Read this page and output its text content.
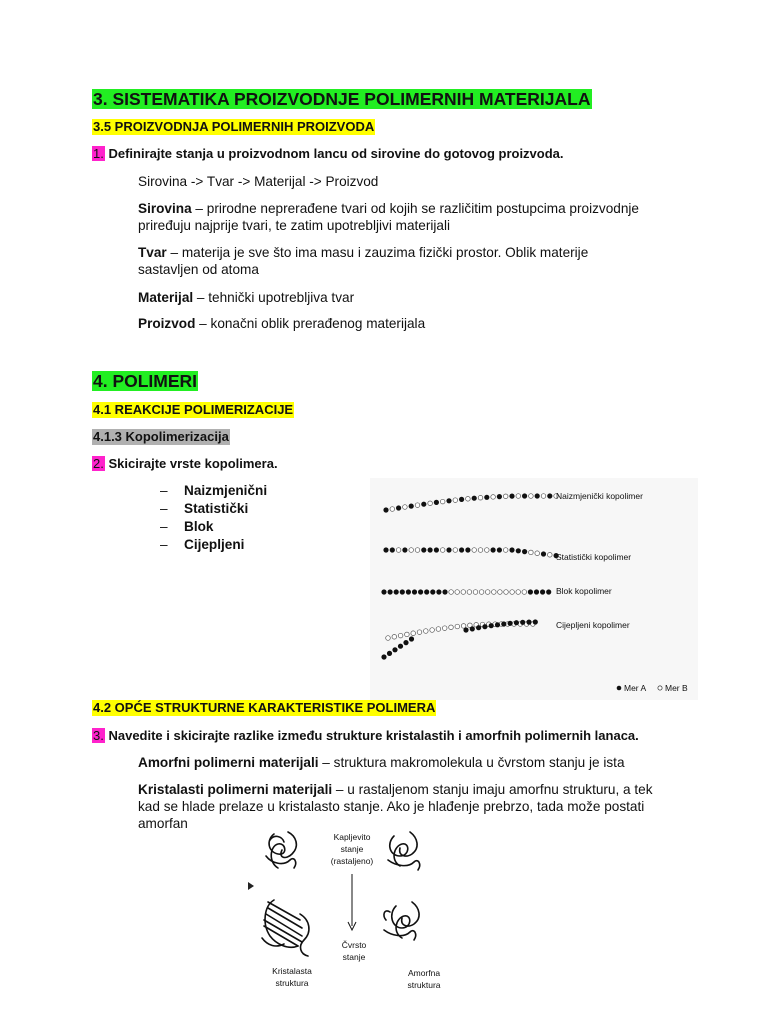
3. SISTEMATIKA PROIZVODNJE POLIMERNIH MATERIJALA
3.5 PROIZVODNJA POLIMERNIH PROIZVODA
1. Definirajte stanja u proizvodnom lancu od sirovine do gotovog proizvoda.
Sirovina -> Tvar -> Materijal -> Proizvod
Sirovina – prirodne neprerađene tvari od kojih se različitim postupcima proizvodnje
priređuju najprije tvari, te zatim upotrebljivi materijali
Tvar – materija je sve što ima masu i zauzima fizički prostor. Oblik materije
sastavljen od atoma
Materijal – tehnički upotrebljiva tvar
Proizvod – konačni oblik prerađenog materijala
4. POLIMERI
4.1 REAKCIJE POLIMERIZACIJE
4.1.3 Kopolimerizacija
2. Skicirajte vrste kopolimera.
– Naizmjenični
– Statistički
– Blok
– Cijepljeni
Naizmjenički kopolimer
Statistički kopolimer
Blok kopolimer
Cijepljeni kopolimer
Mer A Mer B
4.2 OPĆE STRUKTURNE KARAKTERISTIKE POLIMERA
3. Navedite i skicirajte razlike između strukture kristalastih i amorfnih polimernih lanaca.
Amorfni polimerni materijali – struktura makromolekula u čvrstom stanju je ista
Kristalasti polimerni materijali – u rastaljenom stanju imaju amorfnu strukturu, a tek
kad se hlade prelaze u kristalasto stanje. Ako je hlađenje prebrzo, tada može postati
amorfan
Kapljevito
stanje
(rastaljeno)
Čvrsto
stanje
Kristalasta
struktura
Amorfna
struktura
